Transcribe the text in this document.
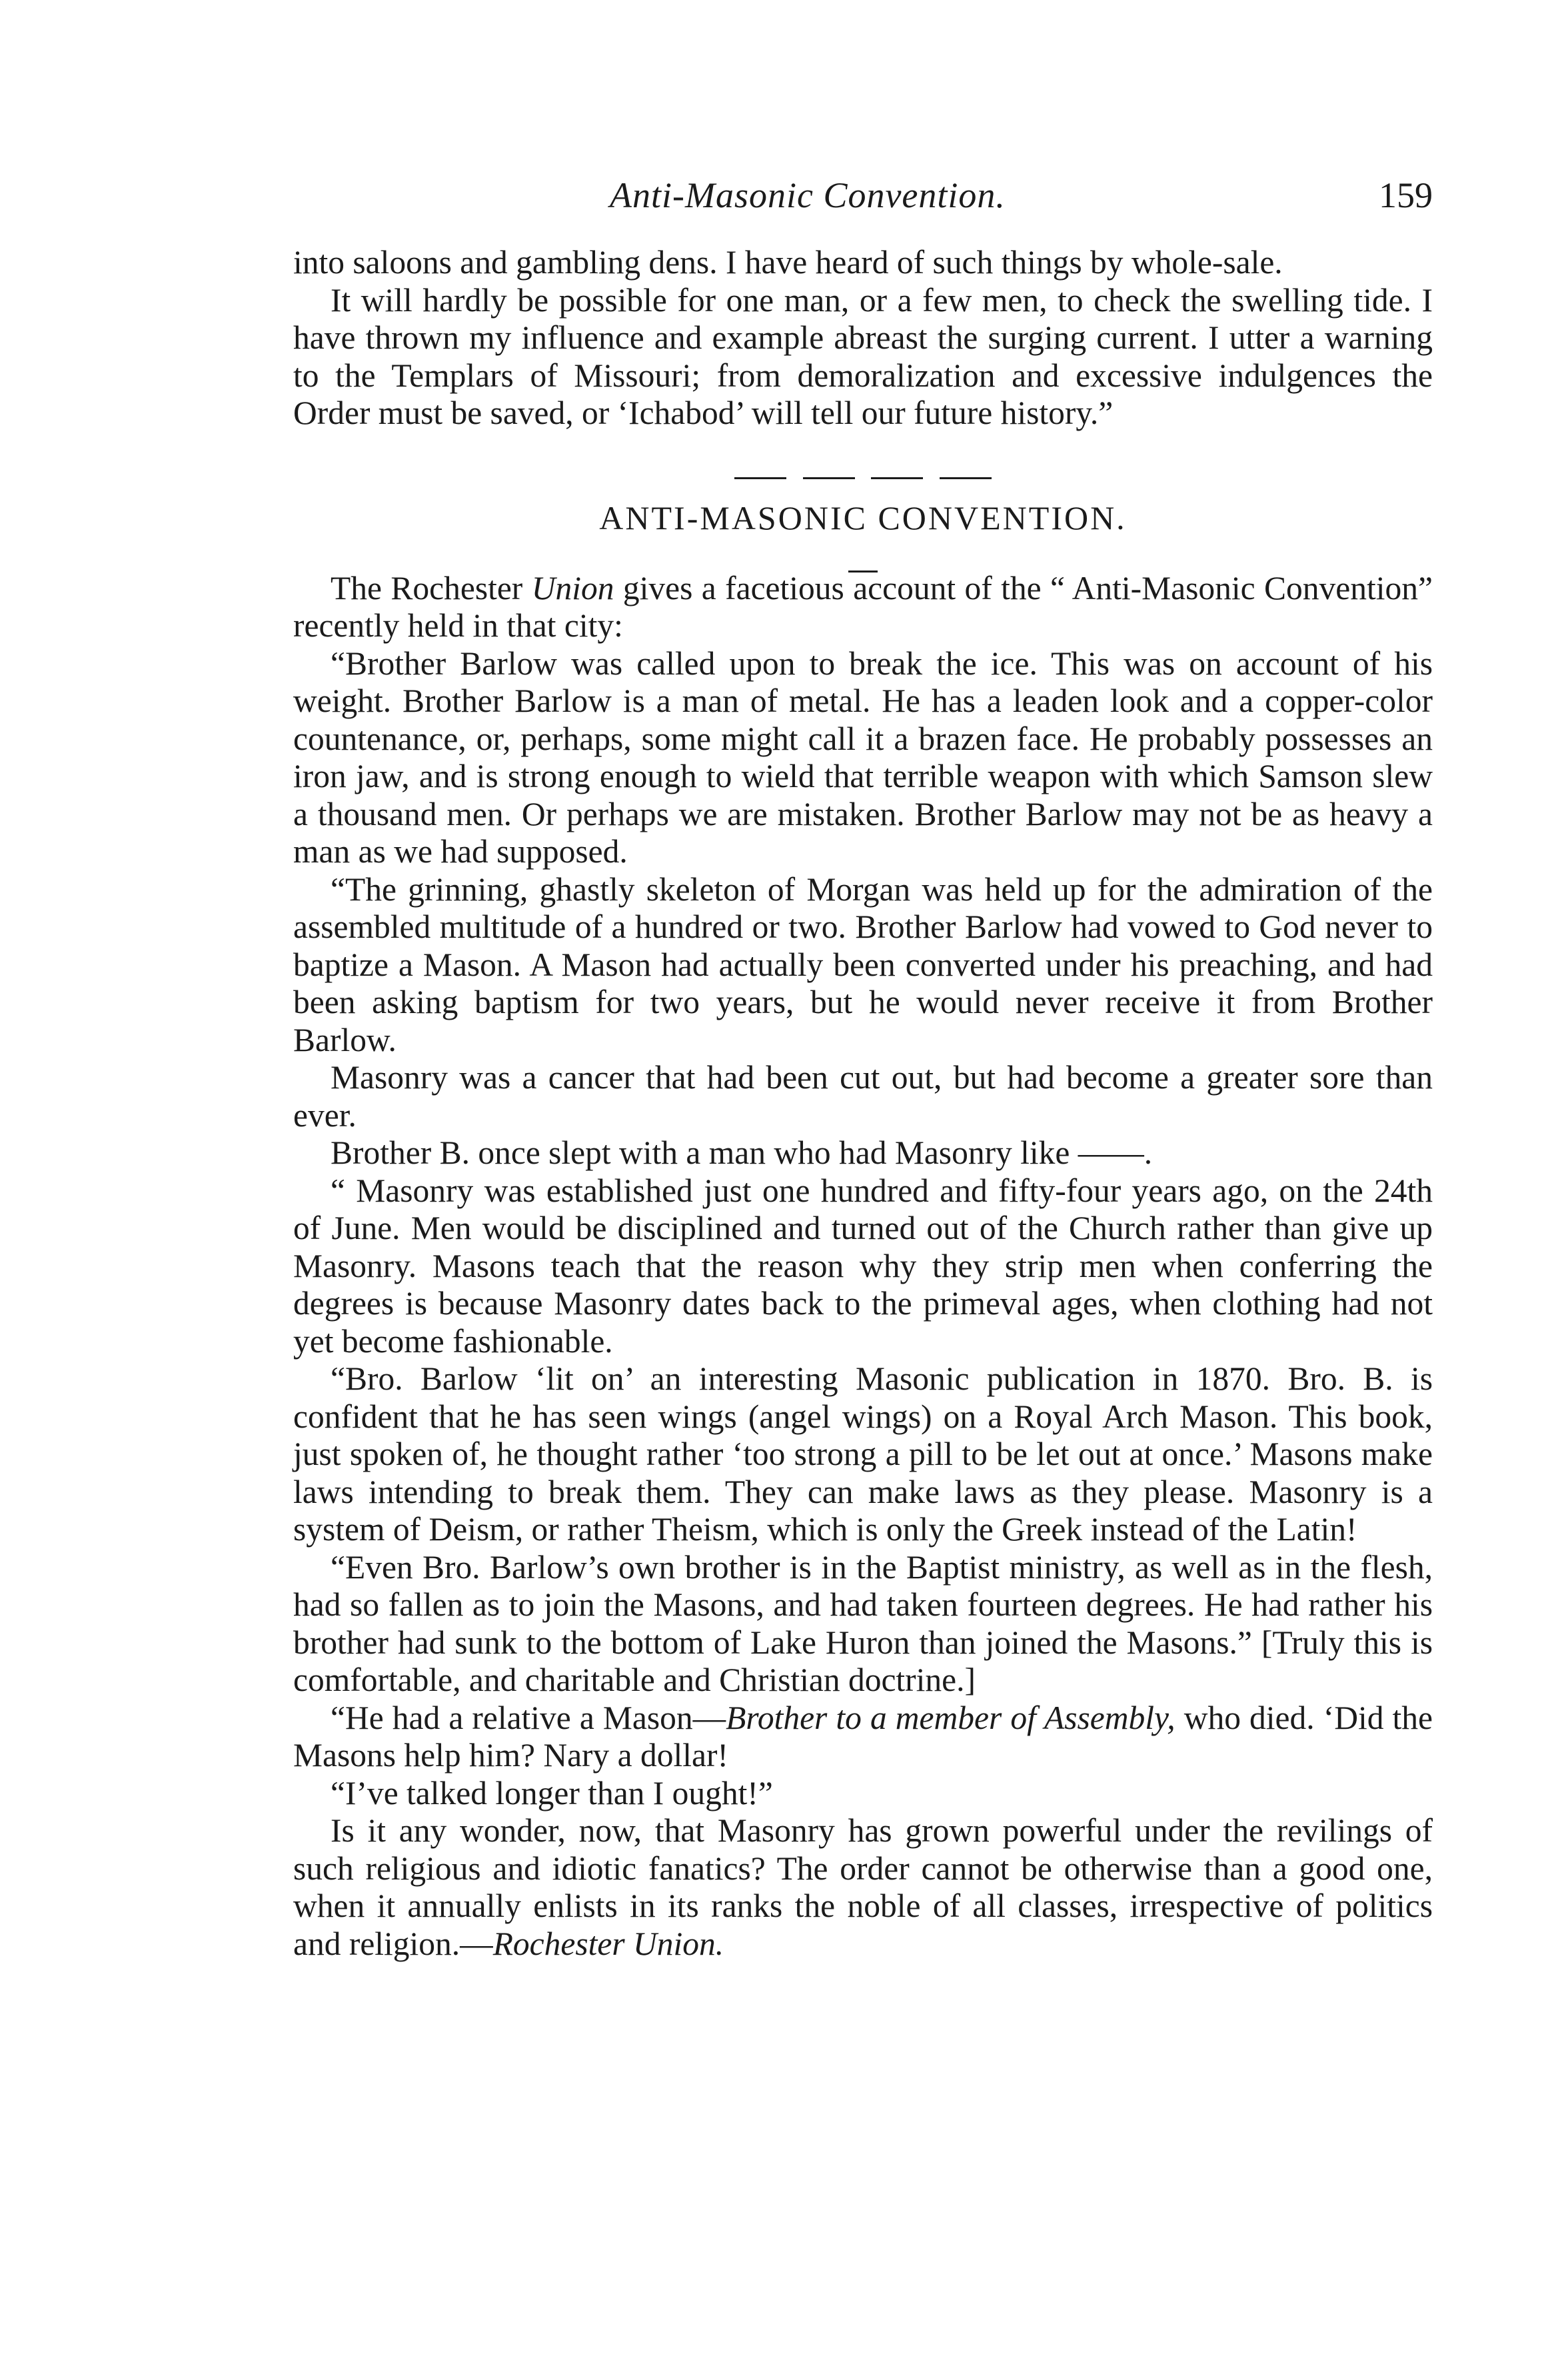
Anti-Masonic Convention.	159

into saloons and gambling dens. I have heard of such things by whole-sale.

It will hardly be possible for one man, or a few men, to check the swelling tide. I have thrown my influence and example abreast the surging current. I utter a warning to the Templars of Missouri; from demoralization and excessive indulgences the Order must be saved, or ‘Ichabod’ will tell our future history.”

ANTI-MASONIC CONVENTION.

The Rochester Union gives a facetious account of the “ Anti-Masonic Convention” recently held in that city:

“Brother Barlow was called upon to break the ice. This was on account of his weight. Brother Barlow is a man of metal. He has a leaden look and a copper-color countenance, or, perhaps, some might call it a brazen face. He probably possesses an iron jaw, and is strong enough to wield that terrible weapon with which Samson slew a thousand men. Or perhaps we are mistaken. Brother Barlow may not be as heavy a man as we had supposed.

“The grinning, ghastly skeleton of Morgan was held up for the admiration of the assembled multitude of a hundred or two. Brother Barlow had vowed to God never to baptize a Mason. A Mason had actually been converted under his preaching, and had been asking baptism for two years, but he would never receive it from Brother Barlow.

Masonry was a cancer that had been cut out, but had become a greater sore than ever.

Brother B. once slept with a man who had Masonry like ——.

“ Masonry was established just one hundred and fifty-four years ago, on the 24th of June. Men would be disciplined and turned out of the Church rather than give up Masonry. Masons teach that the reason why they strip men when conferring the degrees is because Masonry dates back to the primeval ages, when clothing had not yet become fashionable.

“Bro. Barlow ‘lit on’ an interesting Masonic publication in 1870. Bro. B. is confident that he has seen wings (angel wings) on a Royal Arch Mason. This book, just spoken of, he thought rather ‘too strong a pill to be let out at once.’ Masons make laws intending to break them. They can make laws as they please. Masonry is a system of Deism, or rather Theism, which is only the Greek instead of the Latin!

“Even Bro. Barlow’s own brother is in the Baptist ministry, as well as in the flesh, had so fallen as to join the Masons, and had taken fourteen degrees. He had rather his brother had sunk to the bottom of Lake Huron than joined the Masons.” [Truly this is comfortable, and charitable and Christian doctrine.]

“He had a relative a Mason—Brother to a member of Assembly, who died. ‘Did the Masons help him? Nary a dollar!

“I’ve talked longer than I ought!”

Is it any wonder, now, that Masonry has grown powerful under the revilings of such religious and idiotic fanatics? The order cannot be otherwise than a good one, when it annually enlists in its ranks the noble of all classes, irrespective of politics and religion.—Rochester Union.
